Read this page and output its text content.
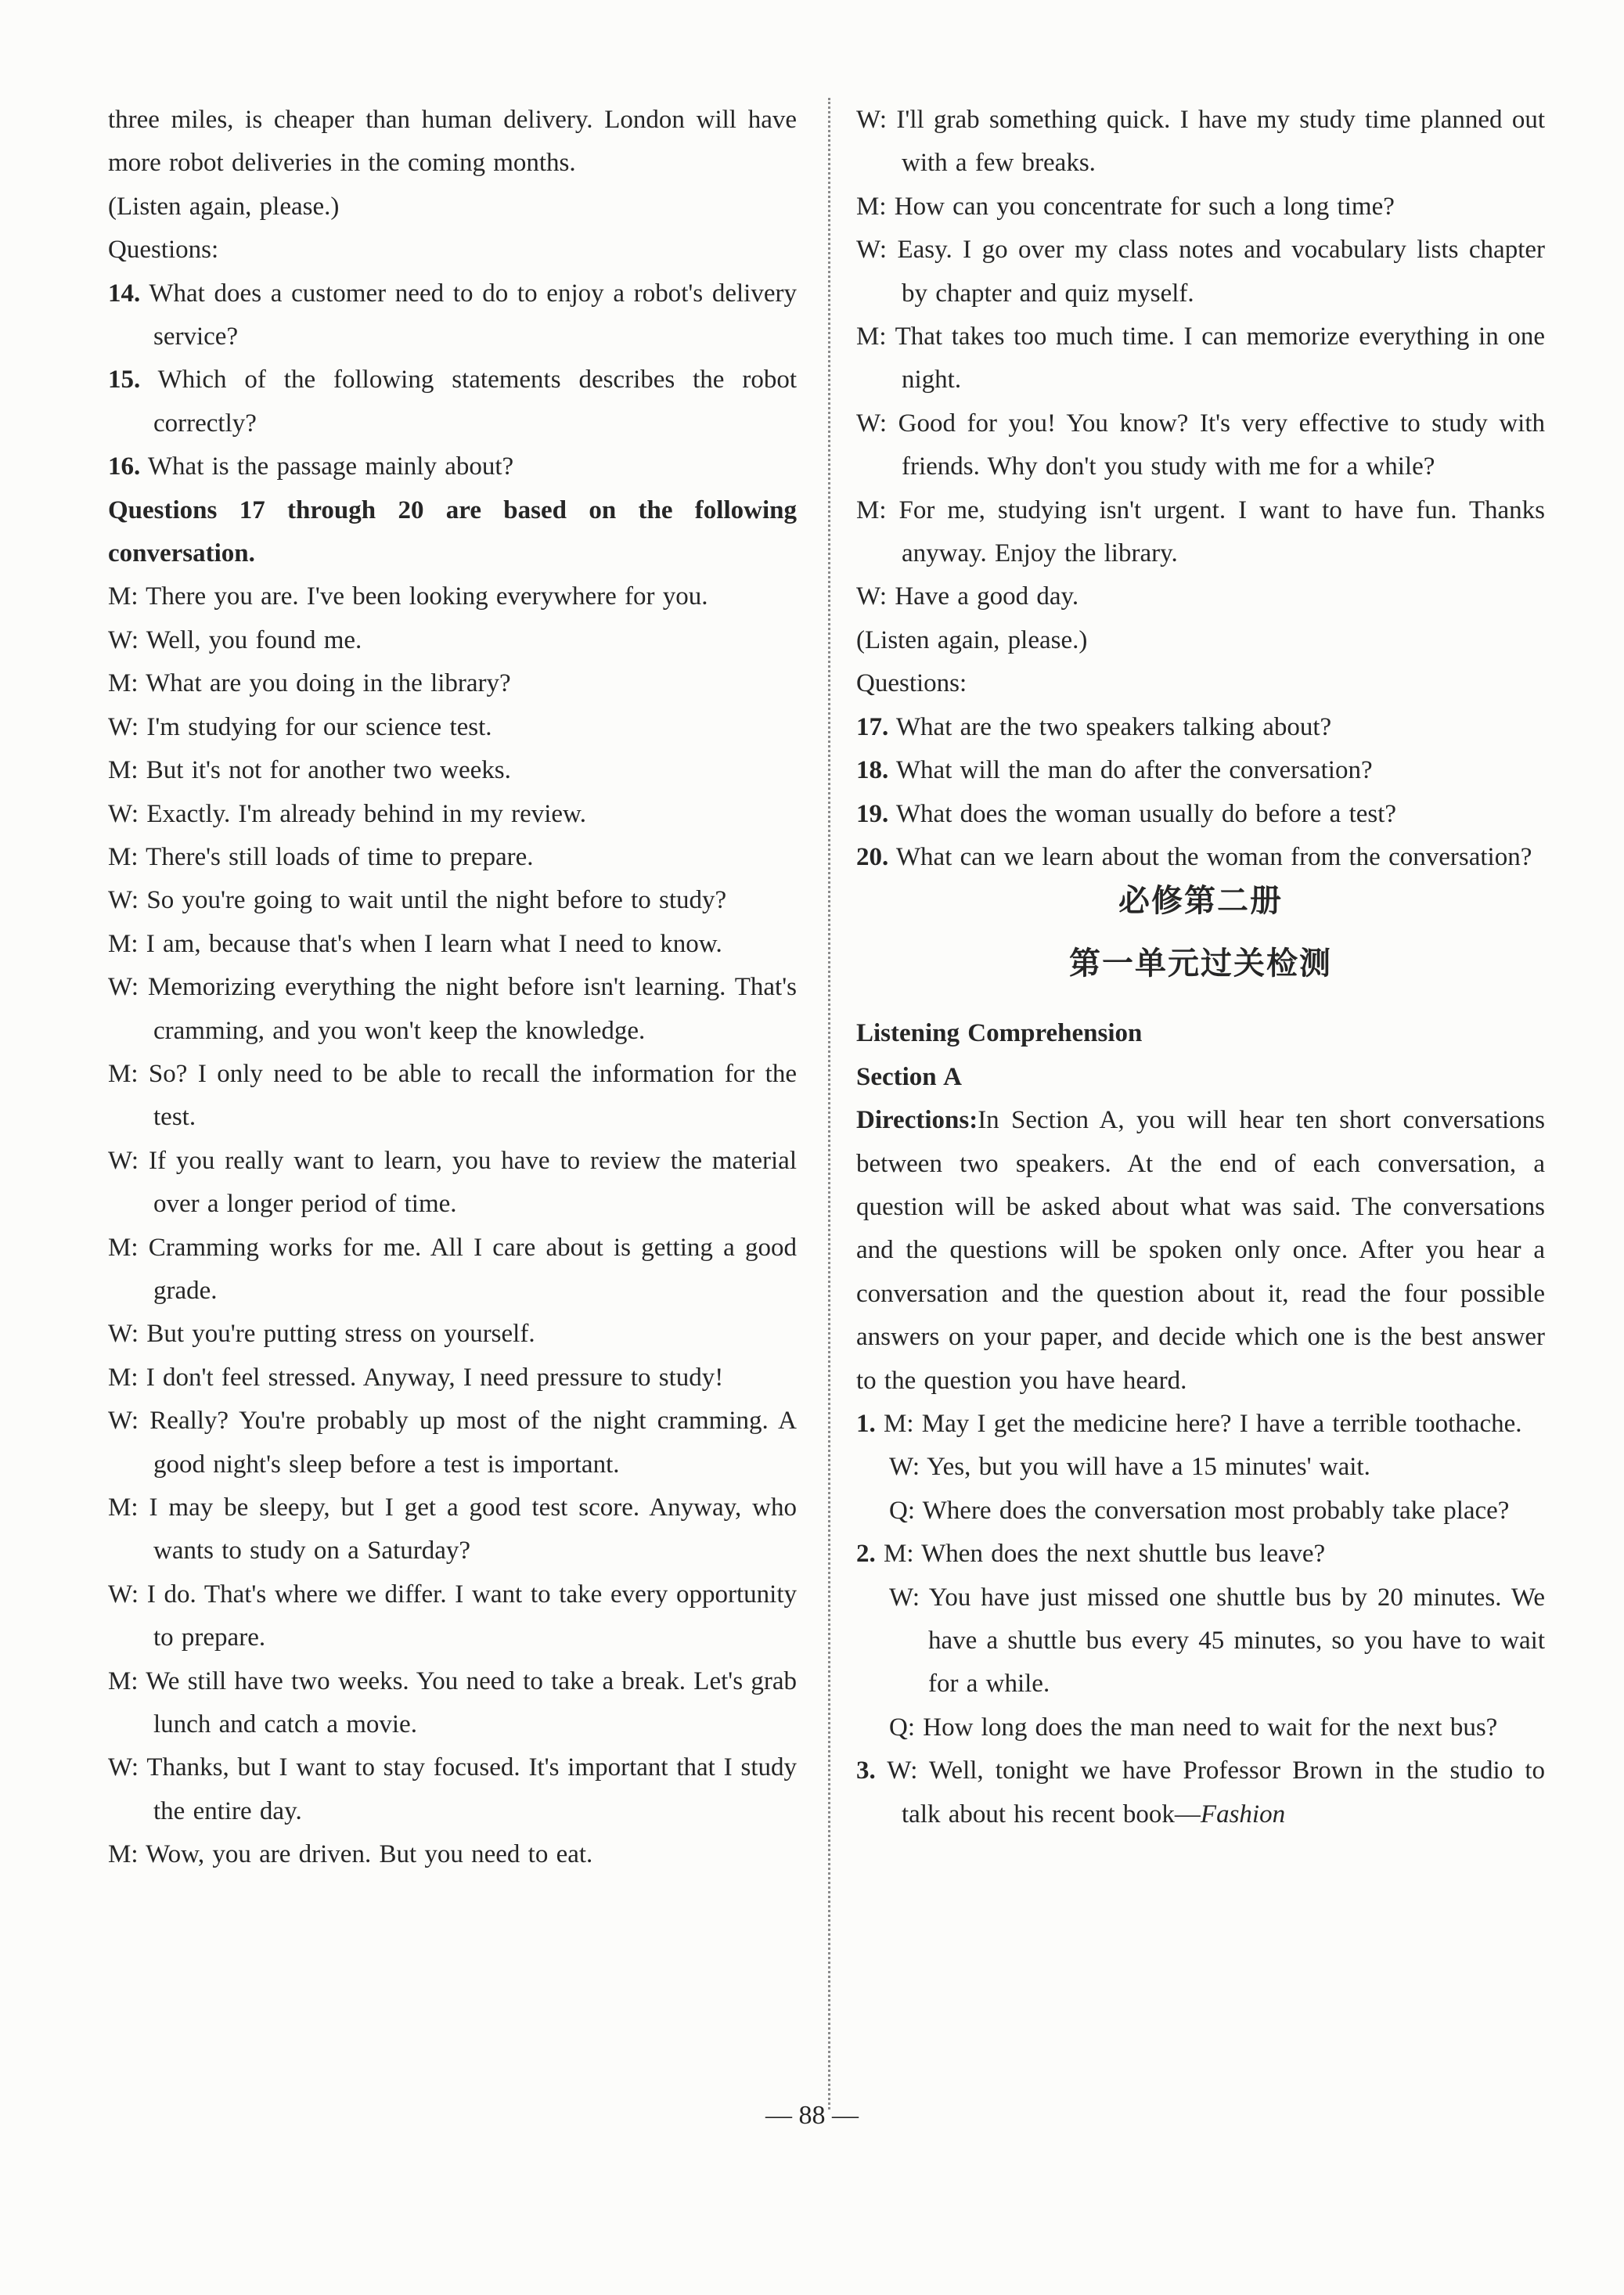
three miles, is cheaper than human delivery. London will have more robot deliveries in the coming months.

(Listen again, please.)

Questions:

14. What does a customer need to do to enjoy a robot's delivery service?

15. Which of the following statements describes the robot correctly?

16. What is the passage mainly about?

Questions 17 through 20 are based on the following conversation.

M: There you are. I've been looking everywhere for you.

W: Well, you found me.

M: What are you doing in the library?

W: I'm studying for our science test.

M: But it's not for another two weeks.

W: Exactly. I'm already behind in my review.

M: There's still loads of time to prepare.

W: So you're going to wait until the night before to study?

M: I am, because that's when I learn what I need to know.

W: Memorizing everything the night before isn't learning. That's cramming, and you won't keep the knowledge.

M: So? I only need to be able to recall the information for the test.

W: If you really want to learn, you have to review the material over a longer period of time.

M: Cramming works for me. All I care about is getting a good grade.

W: But you're putting stress on yourself.

M: I don't feel stressed. Anyway, I need pressure to study!

W: Really? You're probably up most of the night cramming. A good night's sleep before a test is important.

M: I may be sleepy, but I get a good test score. Anyway, who wants to study on a Saturday?

W: I do. That's where we differ. I want to take every opportunity to prepare.

M: We still have two weeks. You need to take a break. Let's grab lunch and catch a movie.

W: Thanks, but I want to stay focused. It's important that I study the entire day.

M: Wow, you are driven. But you need to eat.

W: I'll grab something quick. I have my study time planned out with a few breaks.

M: How can you concentrate for such a long time?

W: Easy. I go over my class notes and vocabulary lists chapter by chapter and quiz myself.

M: That takes too much time. I can memorize everything in one night.

W: Good for you! You know? It's very effective to study with friends. Why don't you study with me for a while?

M: For me, studying isn't urgent. I want to have fun. Thanks anyway. Enjoy the library.

W: Have a good day.

(Listen again, please.)

Questions:

17. What are the two speakers talking about?

18. What will the man do after the conversation?

19. What does the woman usually do before a test?

20. What can we learn about the woman from the conversation?

必修第二册
第一单元过关检测

Listening Comprehension

Section A

Directions:In Section A, you will hear ten short conversations between two speakers. At the end of each conversation, a question will be asked about what was said. The conversations and the questions will be spoken only once. After you hear a conversation and the question about it, read the four possible answers on your paper, and decide which one is the best answer to the question you have heard.

1. M: May I get the medicine here? I have a terrible toothache.

W: Yes, but you will have a 15 minutes' wait.

Q: Where does the conversation most probably take place?

2. M: When does the next shuttle bus leave?

W: You have just missed one shuttle bus by 20 minutes. We have a shuttle bus every 45 minutes, so you have to wait for a while.

Q: How long does the man need to wait for the next bus?

3. W: Well, tonight we have Professor Brown in the studio to talk about his recent book—Fashion

— 88 —
